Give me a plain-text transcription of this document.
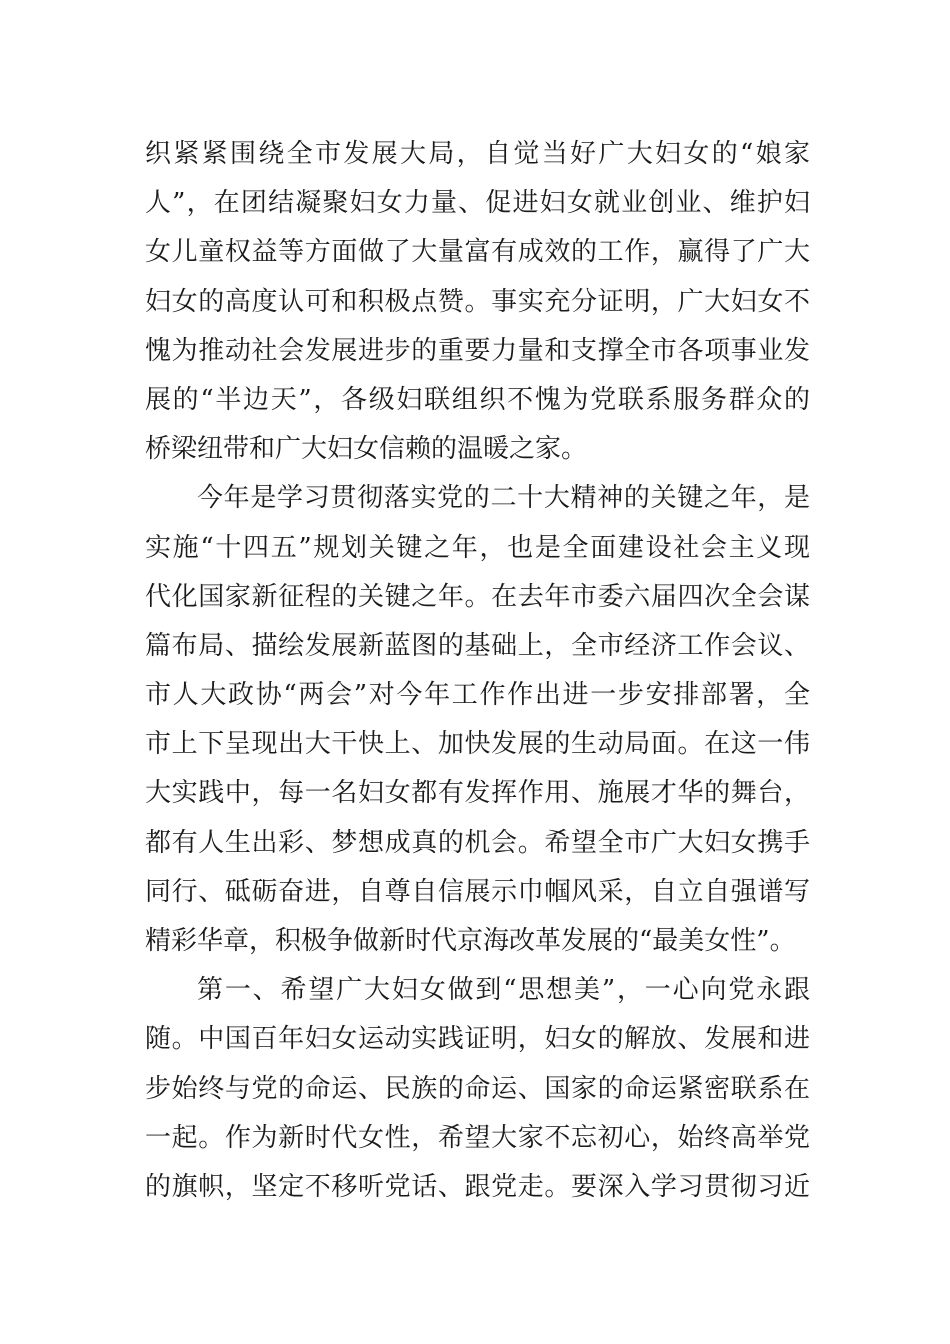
织紧紧围绕全市发展大局，自觉当好广大妇女的“娘家
人”，在团结凝聚妇女力量、促进妇女就业创业、维护妇
女儿童权益等方面做了大量富有成效的工作，赢得了广大
妇女的高度认可和积极点赞。事实充分证明，广大妇女不
愧为推动社会发展进步的重要力量和支撑全市各项事业发
展的“半边天”，各级妇联组织不愧为党联系服务群众的
桥梁纽带和广大妇女信赖的温暖之家。
今年是学习贯彻落实党的二十大精神的关键之年，是
实施“十四五”规划关键之年，也是全面建设社会主义现
代化国家新征程的关键之年。在去年市委六届四次全会谋
篇布局、描绘发展新蓝图的基础上，全市经济工作会议、
市人大政协“两会”对今年工作作出进一步安排部署，全
市上下呈现出大干快上、加快发展的生动局面。在这一伟
大实践中，每一名妇女都有发挥作用、施展才华的舞台，
都有人生出彩、梦想成真的机会。希望全市广大妇女携手
同行、砥砺奋进，自尊自信展示巾帼风采，自立自强谱写
精彩华章，积极争做新时代京海改革发展的“最美女性”。
第一、希望广大妇女做到“思想美”，一心向党永跟
随。中国百年妇女运动实践证明，妇女的解放、发展和进
步始终与党的命运、民族的命运、国家的命运紧密联系在
一起。作为新时代女性，希望大家不忘初心，始终高举党
的旗帜，坚定不移听党话、跟党走。要深入学习贯彻习近
